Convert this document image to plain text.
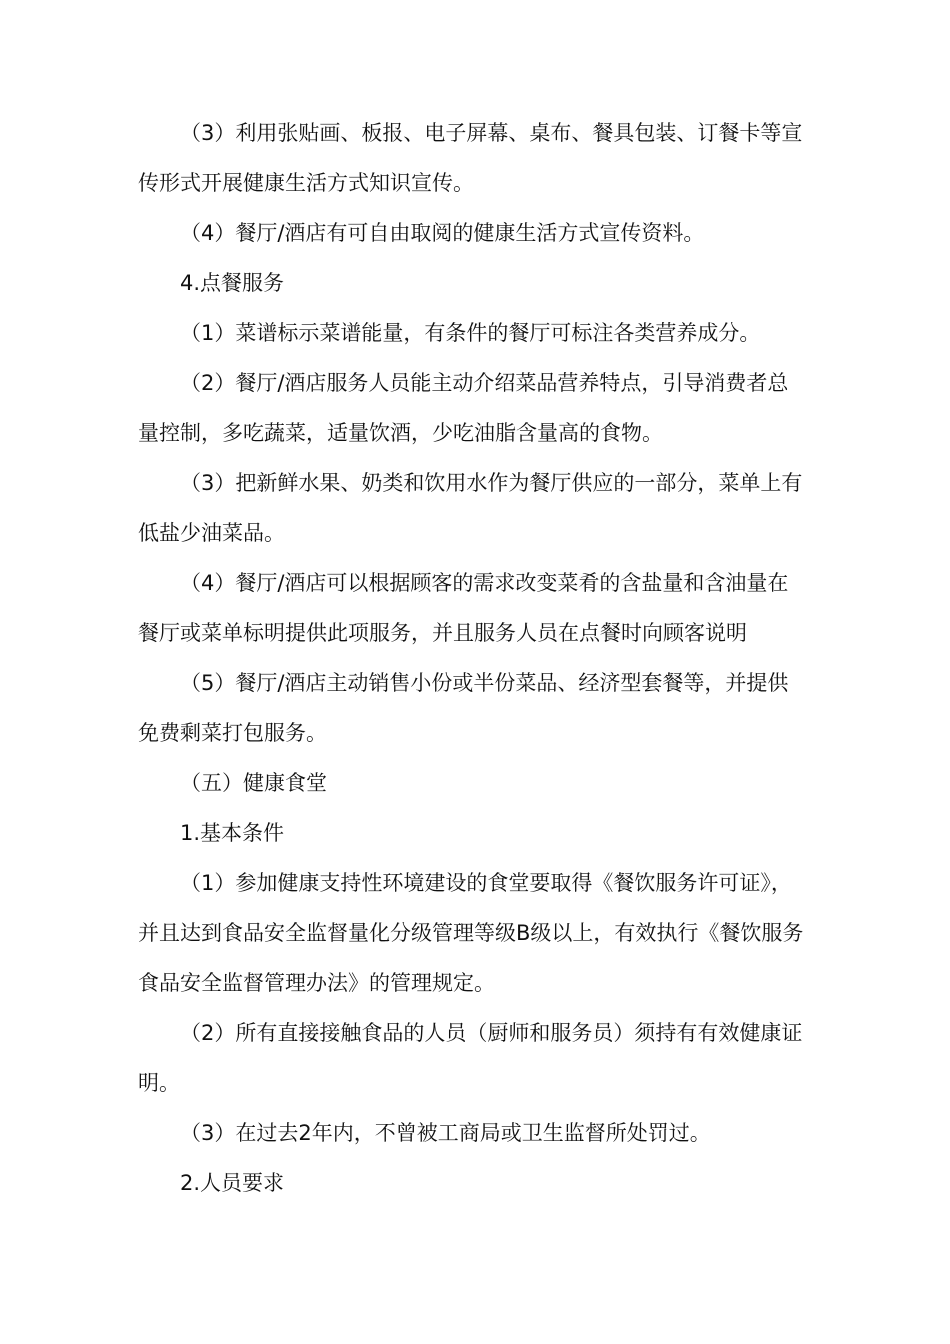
（3）利用张贴画、板报、电子屏幕、桌布、餐具包装、订餐卡等宣

传形式开展健康生活方式知识宣传。

（4）餐厅/酒店有可自由取阅的健康生活方式宣传资料。

4.点餐服务

（1）菜谱标示菜谱能量，有条件的餐厅可标注各类营养成分。

（2）餐厅/酒店服务人员能主动介绍菜品营养特点，引导消费者总

量控制，多吃蔬菜，适量饮酒，少吃油脂含量高的食物。

（3）把新鲜水果、奶类和饮用水作为餐厅供应的一部分，菜单上有

低盐少油菜品。

（4）餐厅/酒店可以根据顾客的需求改变菜肴的含盐量和含油量在

餐厅或菜单标明提供此项服务，并且服务人员在点餐时向顾客说明

（5）餐厅/酒店主动销售小份或半份菜品、经济型套餐等，并提供

免费剩菜打包服务。

（五）健康食堂

1.基本条件

（1）参加健康支持性环境建设的食堂要取得《餐饮服务许可证》，

并且达到食品安全监督量化分级管理等级B级以上，有效执行《餐饮服务

食品安全监督管理办法》的管理规定。

（2）所有直接接触食品的人员（厨师和服务员）须持有有效健康证

明。

（3）在过去2年内，不曾被工商局或卫生监督所处罚过。

2.人员要求
